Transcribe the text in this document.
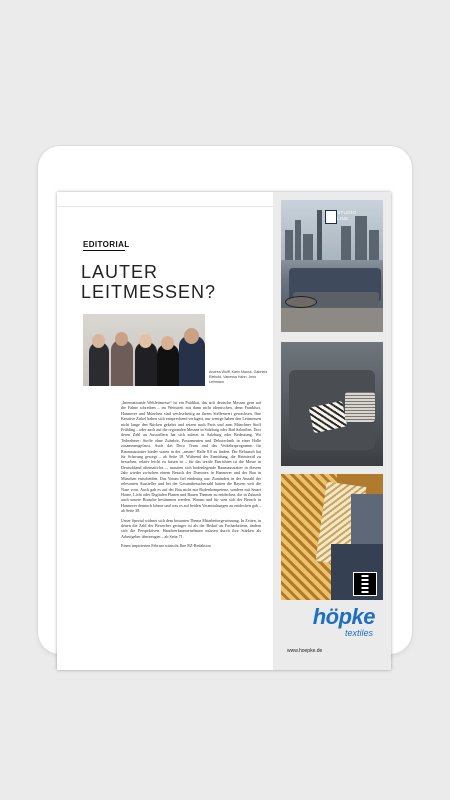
EDITORIAL
LAUTER
LEITMESSEN?
Andrea Wolff, Karin Mauss, Gabriela Riebold, Vanessa Hahn, Jens Lehmann

„Internationale Weltleitmesse“ ist ein Prädikat, das sich deutsche Messen gern auf die Fahne schreiben – im Wettstreit mit dann nicht identischen, denn Frankfurt, Hannover und München sind wechselseitig an ihrem Stellenwert gewachsen. Ihre Kreative Zirkel haben sich entsprechend verlagert, nur wenige haben den Leitmessen nicht lange den Rücken gekehrt und setzen nach Paris und zum Münchner Stoff Frühling – oder auch auf die regionalen Messen in Salzburg oder Bad Salzuflen. Dort deren Zahl an Ausstellern hat sich zuletzt in Salzburg oder Bedeutung. Wo Teilnehmer: Stoffe ohne Zubehör, Passamenten und Dekotechnik in einer Halle zusammengefasst. Auch das Deco Team und das Verkehrsprogramm für Raumausstatter bieder waren in der „neuen“ Halle 8.0 zu finden. Der Relaunch hat für Schwung gesorgt – ab Seite 18. Während der Ermüdung, die Heimtextil zu besuchen, relativ leicht zu fassen ist – für das textile Einrichten ist die Messe in Deutschland alternativlos –, mussten sich bodenlegende Raumausstatter in diesem Jahr wieder zwischen einem Besuch der Domotex in Hannover und der Bau in München entscheiden. Das Votum fiel eindeutig aus: Zumindest in der Anzahl der relevanten Aussteller und bei der Gesamtbesucherzahl hatten die Bayern weit die Nase vorn. Auch gab es auf der Bau nicht nur Bodenkompetenz, sondern mit Smart Home, Licht oder Digitalen Planen und Bauen Themen zu entdecken, die in Zukunft auch unsere Branche bestimmen werden. Warum und für wen sich der Besuch in Hannover dennoch lohnte und was es auf beiden Veranstaltungen zu entdecken gab – ab Seite 38.

Unser Spezial widmet sich dem brisanten Thema Mitarbeitergewinnung. In Zeiten, in denen die Zahl der Bewerber geringer ist als der Bedarf an Facharbeitern, ändern sich die Perspektiven. Handwerksunternehmen müssen durch ihre Stärken als Arbeitgeber überzeugen – ab Seite 71.

Einen inspirierten Februar wünscht Ihre RZ-Redaktion

STUDIO
LINE
höpke
textiles
www.hoepke.de
